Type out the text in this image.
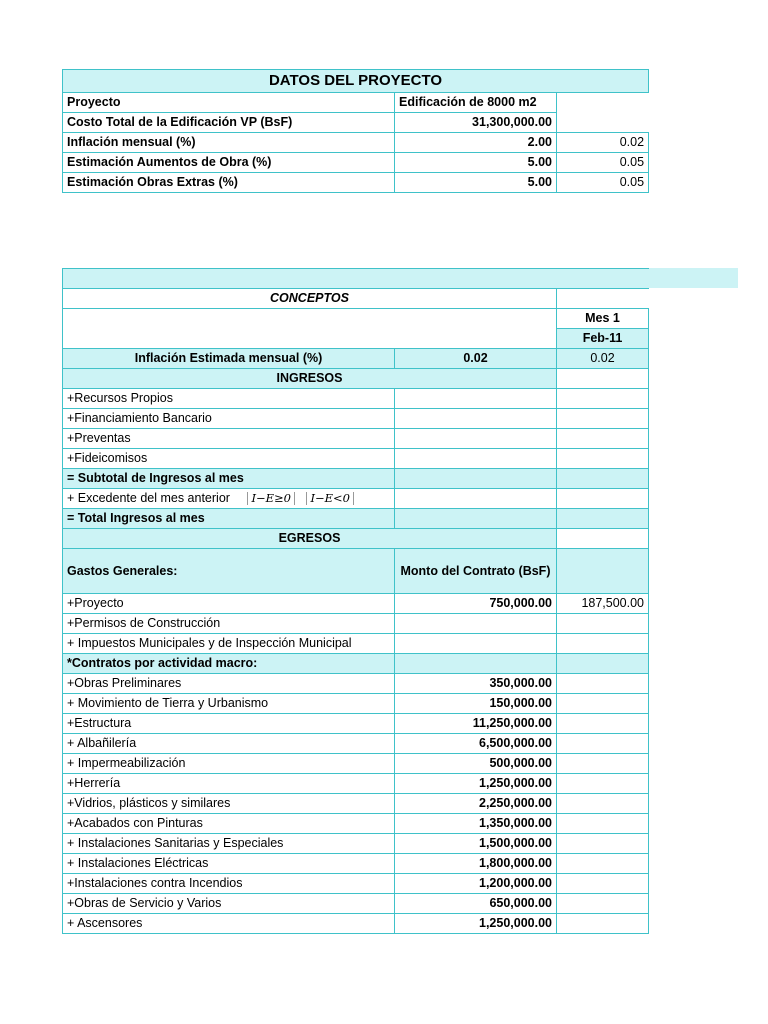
DATOS DEL PROYECTO		
Proyecto	Edificación de 8000 m2	
Costo Total de la Edificación VP (BsF)	31,300,000.00	
Inflación mensual (%)	2.00	0.02
Estimación Aumentos de Obra (%)	5.00	0.05
Estimación Obras Extras (%)	5.00	0.05

CONCEPTOS		
		Mes 1
		Feb-11
Inflación Estimada mensual (%)	0.02	0.02
INGRESOS		
+Recursos Propios		
+Financiamiento Bancario		
+Preventas		
+Fideicomisos		
= Subtotal de Ingresos al mes		
+ Excedente del mes anterior I−E≥0 I−E<0		
= Total Ingresos al mes		
EGRESOS		
Gastos Generales:	Monto del Contrato (BsF)	
+Proyecto	750,000.00	187,500.00
+Permisos de Construcción		
+ Impuestos Municipales y de Inspección Municipal		
*Contratos por actividad macro:		
+Obras Preliminares	350,000.00	
+ Movimiento de Tierra y Urbanismo	150,000.00	
+Estructura	11,250,000.00	
+ Albañilería	6,500,000.00	
+ Impermeabilización	500,000.00	
+Herrería	1,250,000.00	
+Vidrios, plásticos y similares	2,250,000.00	
+Acabados con Pinturas	1,350,000.00	
+ Instalaciones Sanitarias y Especiales	1,500,000.00	
+ Instalaciones Eléctricas	1,800,000.00	
+Instalaciones contra Incendios	1,200,000.00	
+Obras de Servicio y Varios	650,000.00	
+ Ascensores	1,250,000.00	
